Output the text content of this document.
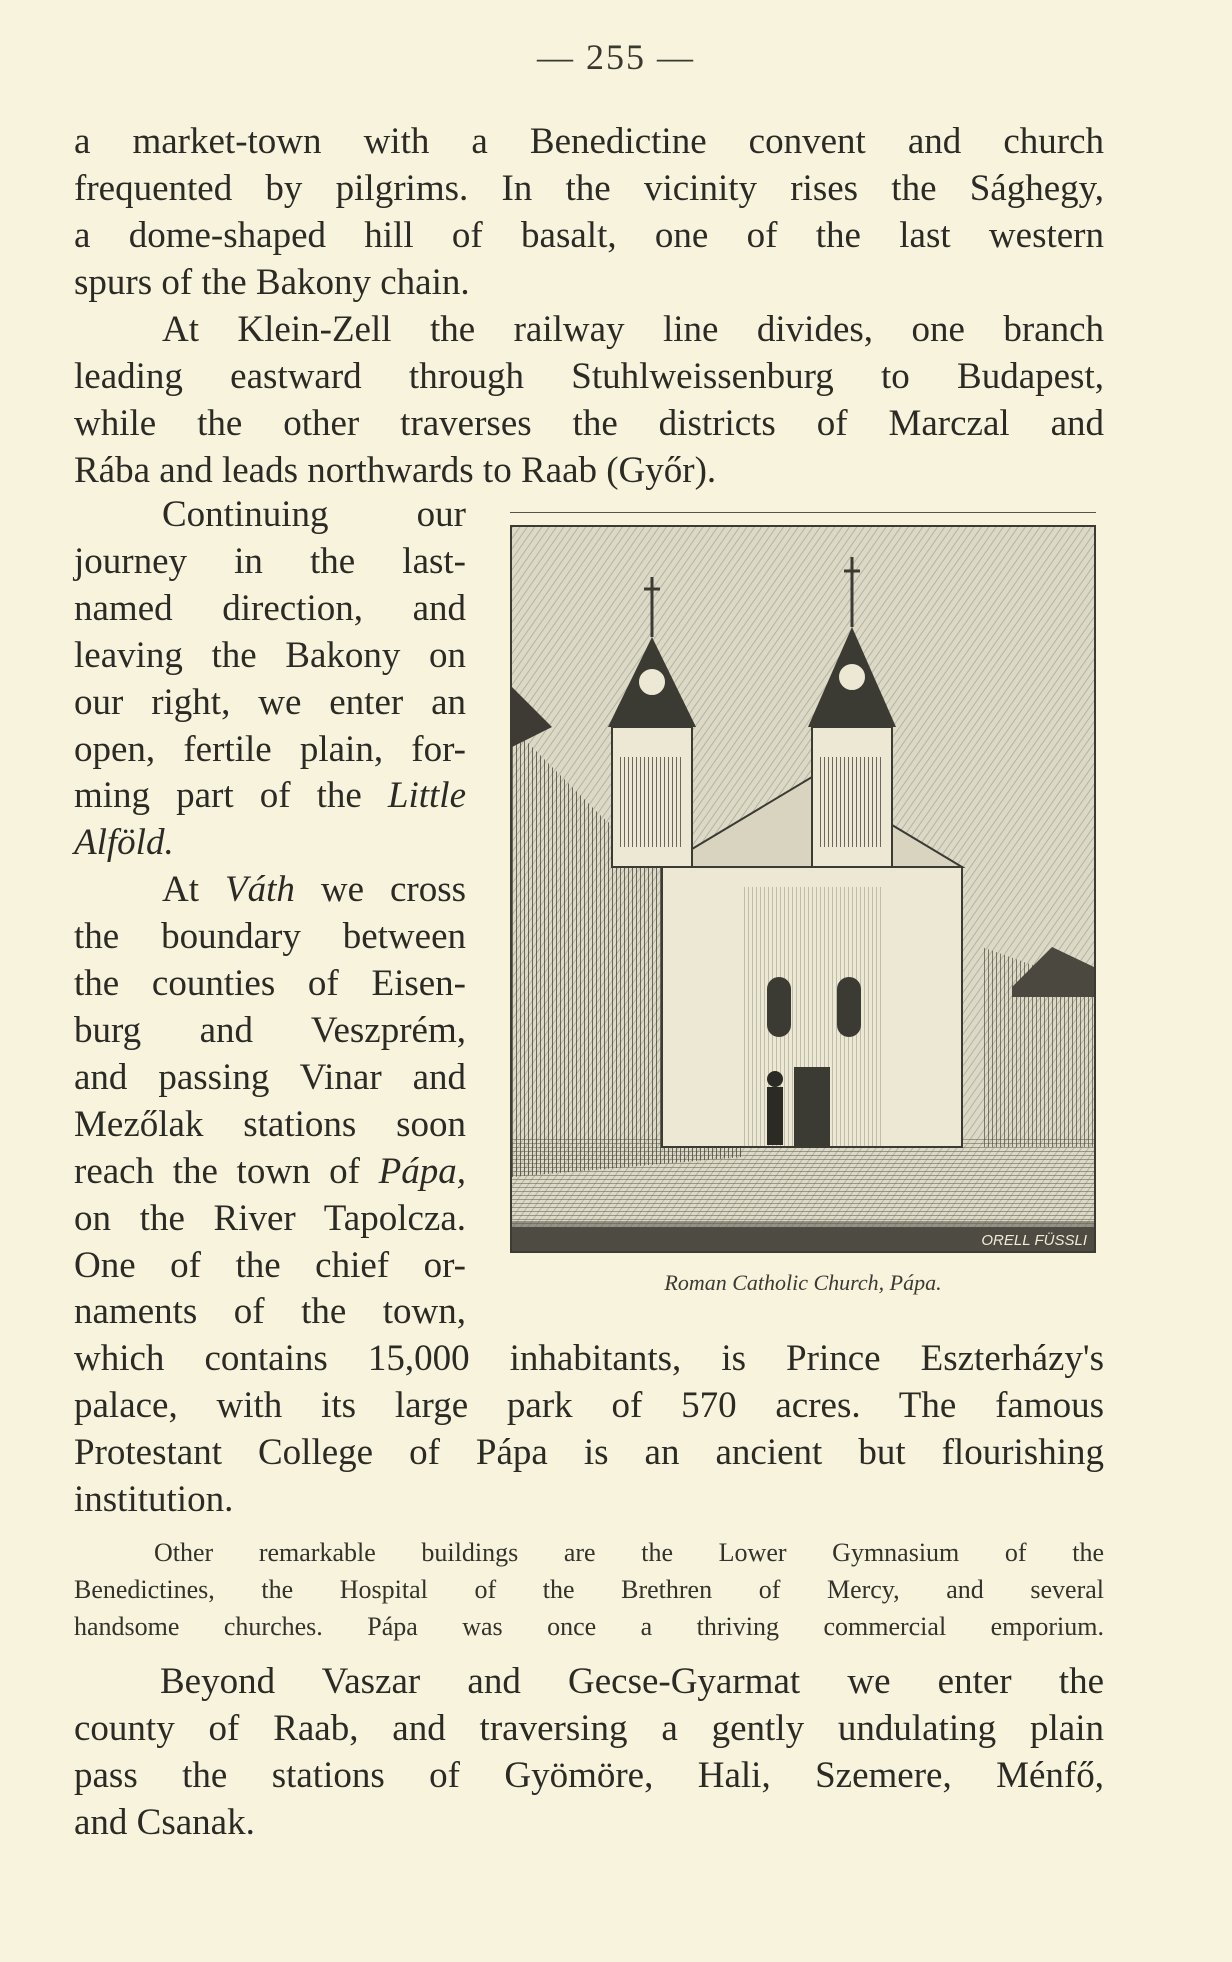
— 255 —

a market-town with a Benedictine convent and church
frequented by pilgrims. In the vicinity rises the Sághegy,
a dome-shaped hill of basalt, one of the last western
spurs of the Bakony chain.

At Klein-Zell the railway line divides, one branch
leading eastward through Stuhlweissenburg to Budapest,
while the other traverses the districts of Marczal and
Rába and leads northwards to Raab (Győr).

Continuing our
journey in the last-
named direction, and
leaving the Bakony on
our right, we enter an
open, fertile plain, for-
ming part of the Little
Alföld.

At Váth we cross
the boundary between
the counties of Eisen-
burg and Veszprém,
and passing Vinar and
Mezőlak stations soon
reach the town of Pápa,
on the River Tapolcza.
One of the chief or-
naments of the town,

ORELL FÜSSLI
Roman Catholic Church, Pápa.

which contains 15,000 inhabitants, is Prince Eszterházy's
palace, with its large park of 570 acres. The famous
Protestant College of Pápa is an ancient but flourishing
institution.

Other remarkable buildings are the Lower Gymnasium of the
Benedictines, the Hospital of the Brethren of Mercy, and several
handsome churches. Pápa was once a thriving commercial emporium.

Beyond Vaszar and Gecse-Gyarmat we enter the
county of Raab, and traversing a gently undulating plain
pass the stations of Gyömöre, Hali, Szemere, Ménfő,
and Csanak.
